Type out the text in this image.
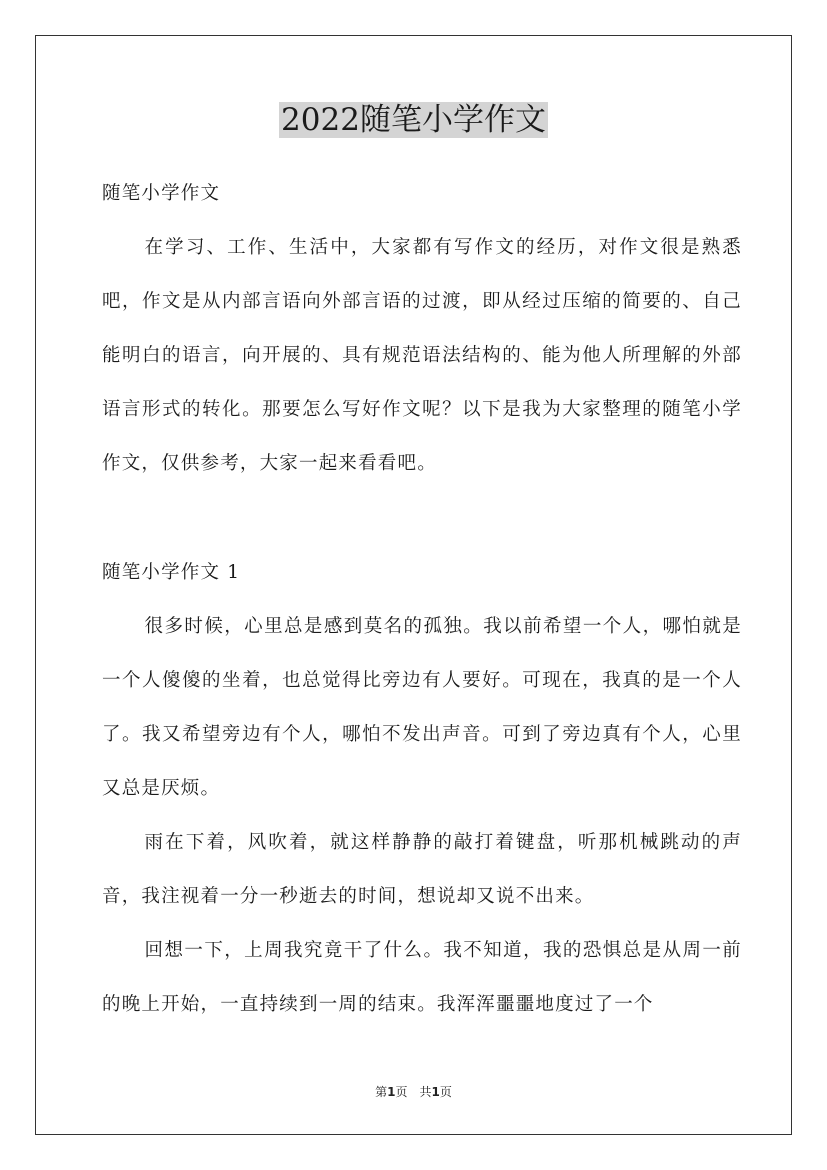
2022随笔小学作文
随笔小学作文

在学习、工作、生活中，大家都有写作文的经历，对作文很是熟悉吧，作文是从内部言语向外部言语的过渡，即从经过压缩的简要的、自己能明白的语言，向开展的、具有规范语法结构的、能为他人所理解的外部语言形式的转化。那要怎么写好作文呢？以下是我为大家整理的随笔小学作文，仅供参考，大家一起来看看吧。

随笔小学作文 1

很多时候，心里总是感到莫名的孤独。我以前希望一个人，哪怕就是一个人傻傻的坐着，也总觉得比旁边有人要好。可现在，我真的是一个人了。我又希望旁边有个人，哪怕不发出声音。可到了旁边真有个人，心里又总是厌烦。

雨在下着，风吹着，就这样静静的敲打着键盘，听那机械跳动的声音，我注视着一分一秒逝去的时间，想说却又说不出来。

回想一下，上周我究竟干了什么。我不知道，我的恐惧总是从周一前的晚上开始，一直持续到一周的结束。我浑浑噩噩地度过了一个

第1页　共1页
